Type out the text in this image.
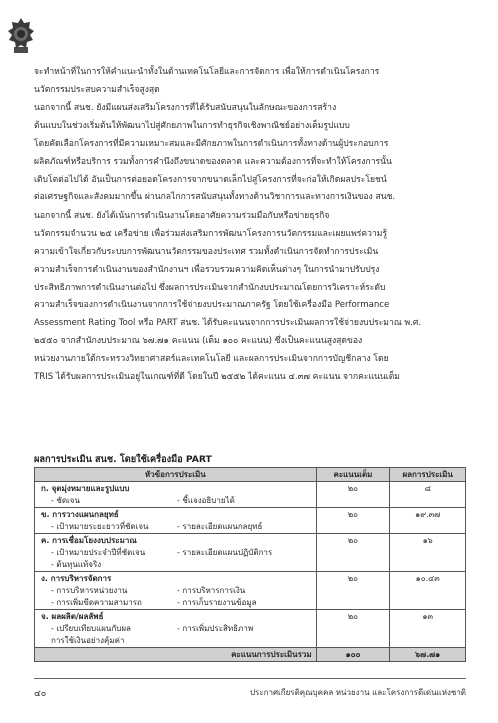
จะทำหน้าที่ในการให้คำแนะนำทั้งในด้านเทคโนโลยีและการจัดการ เพื่อให้การดำเนินโครงการ
นวัตกรรมประสบความสำเร็จสูงสุด
นอกจากนี้ สนช. ยังมีแผนส่งเสริมโครงการที่ได้รับสนับสนุนในลักษณะของการสร้าง
ต้นแบบในช่วงเริ่มต้นให้พัฒนาไปสู่ศักยภาพในการทำธุรกิจเชิงพาณิชย์อย่างเต็มรูปแบบ
โดยคัดเลือกโครงการที่มีความเหมาะสมและมีศักยภาพในการดำเนินการทั้งทางด้านผู้ประกอบการ
ผลิตภัณฑ์หรือบริการ รวมทั้งการคำนึงถึงขนาดของตลาด และความต้องการที่จะทำให้โครงการนั้น
เติบโตต่อไปได้ อันเป็นการต่อยอดโครงการจากขนาดเล็กไปสู่โครงการที่จะก่อให้เกิดผลประโยชน์
ต่อเศรษฐกิจและสังคมมากขึ้น ผ่านกลไกการสนับสนุนทั้งทางด้านวิชาการและทางการเงินของ สนช.
นอกจากนี้ สนช. ยังได้เน้นการดำเนินงานโดยอาศัยความร่วมมือกับหรือข่ายธุรกิจ
นวัตกรรมจำนวน ๒๕ เครือข่าย เพื่อร่วมส่งเสริมการพัฒนาโครงการนวัตกรรมและเผยแพร่ความรู้
ความเข้าใจเกี่ยวกับระบบการพัฒนานวัตกรรมของประเทศ รวมทั้งดำเนินการจัดทำการประเมิน
ความสำเร็จการดำเนินงานของสำนักงานฯ เพื่อรวบรวมความคิดเห็นต่างๆ ในการนำมาปรับปรุง
ประสิทธิภาพการดำเนินงานต่อไป ซึ่งผลการประเมินจากสำนักงบประมาณโดยการวิเคราะห์ระดับ
ความสำเร็จของการดำเนินงานจากการใช้จ่ายงบประมาณภาครัฐ โดยใช้เครื่องมือ Performance
Assessment Rating Tool หรือ PART สนช. ได้รับคะแนนจากการประเมินผลการใช้จ่ายงบประมาณ พ.ศ.
๒๕๕๐ จากสำนักงบประมาณ ๖๗.๗๑ คะแนน (เต็ม ๑๐๐ คะแนน) ซึ่งเป็นคะแนนสูงสุดของ
หน่วยงานภายใต้กระทรวงวิทยาศาสตร์และเทคโนโลยี และผลการประเมินจากการบัญชีกลาง โดย
TRIS ได้รับผลการประเมินอยู่ในเกณฑ์ที่ดี โดยในปี ๒๕๕๒ ได้คะแนน ๔.๓๗ คะแนน จากคะแนนเต็ม
ผลการประเมิน สนช. โดยใช้เครื่องมือ PART
หัวข้อการประเมิน	คะแนนเต็ม	ผลการประเมิน

ก. จุดมุ่งหมายและรูปแบบ
- ชัดเจน - ชี้แจงอธิบายได้	๒๐	๘

ข. การวางแผนกลยุทธ์
- เป้าหมายระยะยาวที่ชัดเจน - รายละเอียดแผนกลยุทธ์	๒๐	๑๙.๓๗

ค. การเชื่อมโยงงบประมาณ
- เป้าหมายประจำปีที่ชัดเจน - รายละเอียดแผนปฏิบัติการ
- ต้นทุนแท้จริง	๒๐	๑๖

ง. การบริหารจัดการ
- การบริหารหน่วยงาน - การบริหารการเงิน
- การเพิ่มขีดความสามารถ - การเก็บรายงานข้อมูล	๒๐	๑๐.๔๓

จ. ผลผลิต/ผลลัพธ์
- เปรียบเทียบแผนกับผล - การเพิ่มประสิทธิภาพ
การใช้เงินอย่างคุ้มค่า	๒๐	๑๓
คะแนนการประเมินรวม	๑๐๐	๖๗.๗๑
๔๐	ประกาศเกียรติคุณบุคคล หน่วยงาน และโครงการดีเด่นแห่งชาติ
